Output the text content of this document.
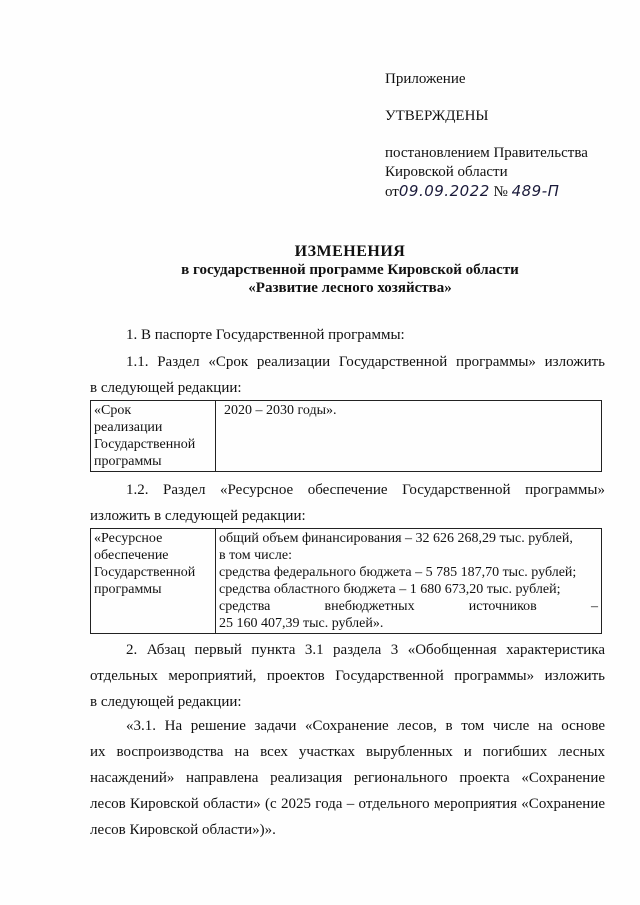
Приложение
УТВЕРЖДЕНЫ
постановлением Правительства
Кировской области
от09.09.2022 № 489-П
ИЗМЕНЕНИЯ
в государственной программе Кировской области
«Развитие лесного хозяйства»
1. В паспорте Государственной программы:
1.1. Раздел «Срок реализации Государственной программы» изложить
в следующей редакции:
«Срок
реализации
Государственной
программы

2020 – 2030 годы».
1.2. Раздел «Ресурсное обеспечение Государственной программы»
изложить в следующей редакции:
«Ресурсное
обеспечение
Государственной
программы

общий объем финансирования – 32 626 268,29 тыс. рублей,
в том числе:
средства федерального бюджета – 5 785 187,70 тыс. рублей;
средства областного бюджета – 1 680 673,20 тыс. рублей;
средства внебюджетных источников –
25 160 407,39 тыс. рублей».
2. Абзац первый пункта 3.1 раздела 3 «Обобщенная характеристика
отдельных мероприятий, проектов Государственной программы» изложить
в следующей редакции:
«3.1. На решение задачи «Сохранение лесов, в том числе на основе
их воспроизводства на всех участках вырубленных и погибших лесных
насаждений» направлена реализация регионального проекта «Сохранение
лесов Кировской области» (с 2025 года – отдельного мероприятия «Сохранение
лесов Кировской области»)».
